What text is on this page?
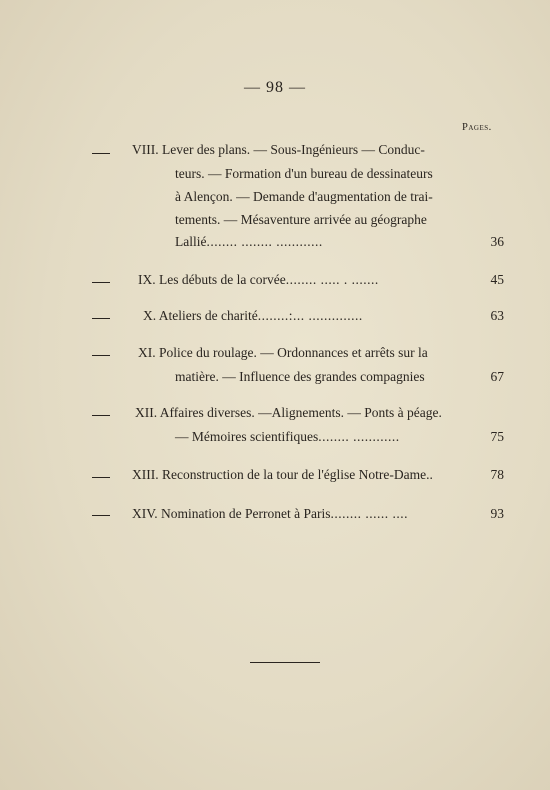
— 98 —
Pages.
VIII. Lever des plans. — Sous-Ingénieurs — Conduc-
teurs. — Formation d'un bureau de dessinateurs
à Alençon. — Demande d'augmentation de trai-
tements. — Mésaventure arrivée au géographe
Lallié........ ........ ............	36
IX. Les débuts de la corvée........ ..... . .......	45
X. Ateliers de charité........:... ..............	63
XI. Police du roulage. — Ordonnances et arrêts sur la
matière. — Influence des grandes compagnies	67
XII. Affaires diverses. —Alignements. — Ponts à péage.
— Mémoires scientifiques........ ............	75
XIII. Reconstruction de la tour de l'église Notre-Dame..	78
XIV. Nomination de Perronet à Paris........ ...... ....	93
